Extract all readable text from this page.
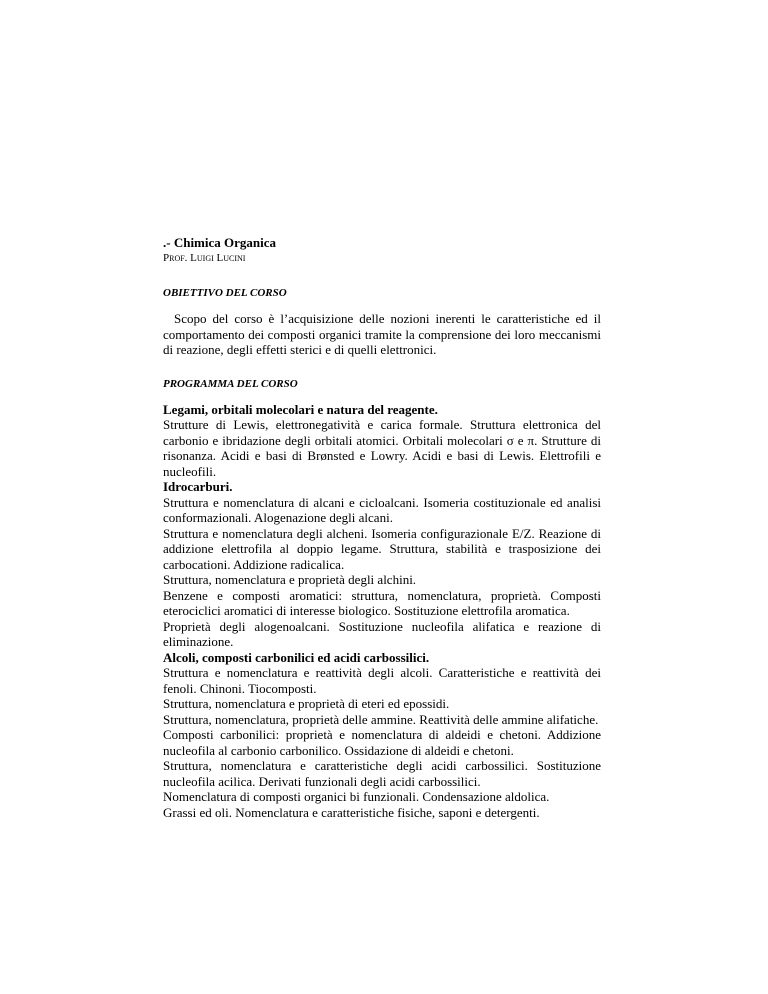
.- Chimica Organica

Prof. Luigi Lucini

OBIETTIVO DEL CORSO

Scopo del corso è l’acquisizione delle nozioni inerenti le caratteristiche ed il comportamento dei composti organici tramite la comprensione dei loro meccanismi di reazione, degli effetti sterici e di quelli elettronici.

PROGRAMMA DEL CORSO

Legami, orbitali molecolari e natura del reagente.

Strutture di Lewis, elettronegatività e carica formale. Struttura elettronica del carbonio e ibridazione degli orbitali atomici. Orbitali molecolari σ e π. Strutture di risonanza. Acidi e basi di Brønsted e Lowry. Acidi e basi di Lewis. Elettrofili e nucleofili.

Idrocarburi.

Struttura e nomenclatura di alcani e cicloalcani. Isomeria costituzionale ed analisi conformazionali. Alogenazione degli alcani.

Struttura e nomenclatura degli alcheni. Isomeria configurazionale E/Z. Reazione di addizione elettrofila al doppio legame. Struttura, stabilità e trasposizione dei carbocationi. Addizione radicalica.

Struttura, nomenclatura e proprietà degli alchini.

Benzene e composti aromatici: struttura, nomenclatura, proprietà. Composti eterociclici aromatici di interesse biologico. Sostituzione elettrofila aromatica.

Proprietà degli alogenoalcani. Sostituzione nucleofila alifatica e reazione di eliminazione.

Alcoli, composti carbonilici ed acidi carbossilici.

Struttura e nomenclatura e reattività degli alcoli. Caratteristiche e reattività dei fenoli. Chinoni. Tiocomposti.

Struttura, nomenclatura e proprietà di eteri ed epossidi.

Struttura, nomenclatura, proprietà delle ammine. Reattività delle ammine alifatiche.

Composti carbonilici: proprietà e nomenclatura di aldeidi e chetoni. Addizione nucleofila al carbonio carbonilico. Ossidazione di aldeidi e chetoni.

Struttura, nomenclatura e caratteristiche degli acidi carbossilici. Sostituzione nucleofila acilica. Derivati funzionali degli acidi carbossilici.

Nomenclatura di composti organici bi funzionali. Condensazione aldolica.

Grassi ed oli. Nomenclatura e caratteristiche fisiche, saponi e detergenti.
